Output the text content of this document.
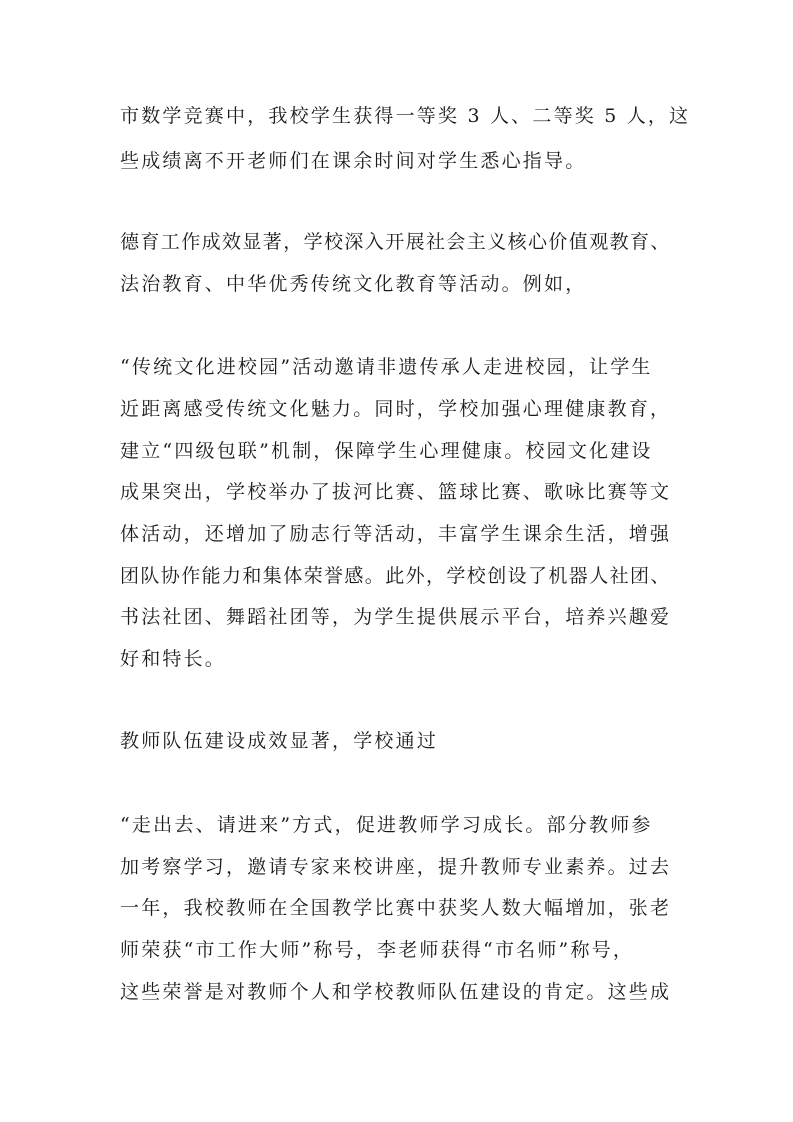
市数学竞赛中，我校学生获得一等奖 3 人、二等奖 5 人，这
些成绩离不开老师们在课余时间对学生悉心指导。
德育工作成效显著，学校深入开展社会主义核心价值观教育、
法治教育、中华优秀传统文化教育等活动。例如，
“传统文化进校园”活动邀请非遗传承人走进校园，让学生
近距离感受传统文化魅力。同时，学校加强心理健康教育，
建立“四级包联”机制，保障学生心理健康。校园文化建设
成果突出，学校举办了拔河比赛、篮球比赛、歌咏比赛等文
体活动，还增加了励志行等活动，丰富学生课余生活，增强
团队协作能力和集体荣誉感。此外，学校创设了机器人社团、
书法社团、舞蹈社团等，为学生提供展示平台，培养兴趣爱
好和特长。
教师队伍建设成效显著，学校通过
“走出去、请进来”方式，促进教师学习成长。部分教师参
加考察学习，邀请专家来校讲座，提升教师专业素养。过去
一年，我校教师在全国教学比赛中获奖人数大幅增加，张老
师荣获“市工作大师”称号，李老师获得“市名师”称号，
这些荣誉是对教师个人和学校教师队伍建设的肯定。这些成
